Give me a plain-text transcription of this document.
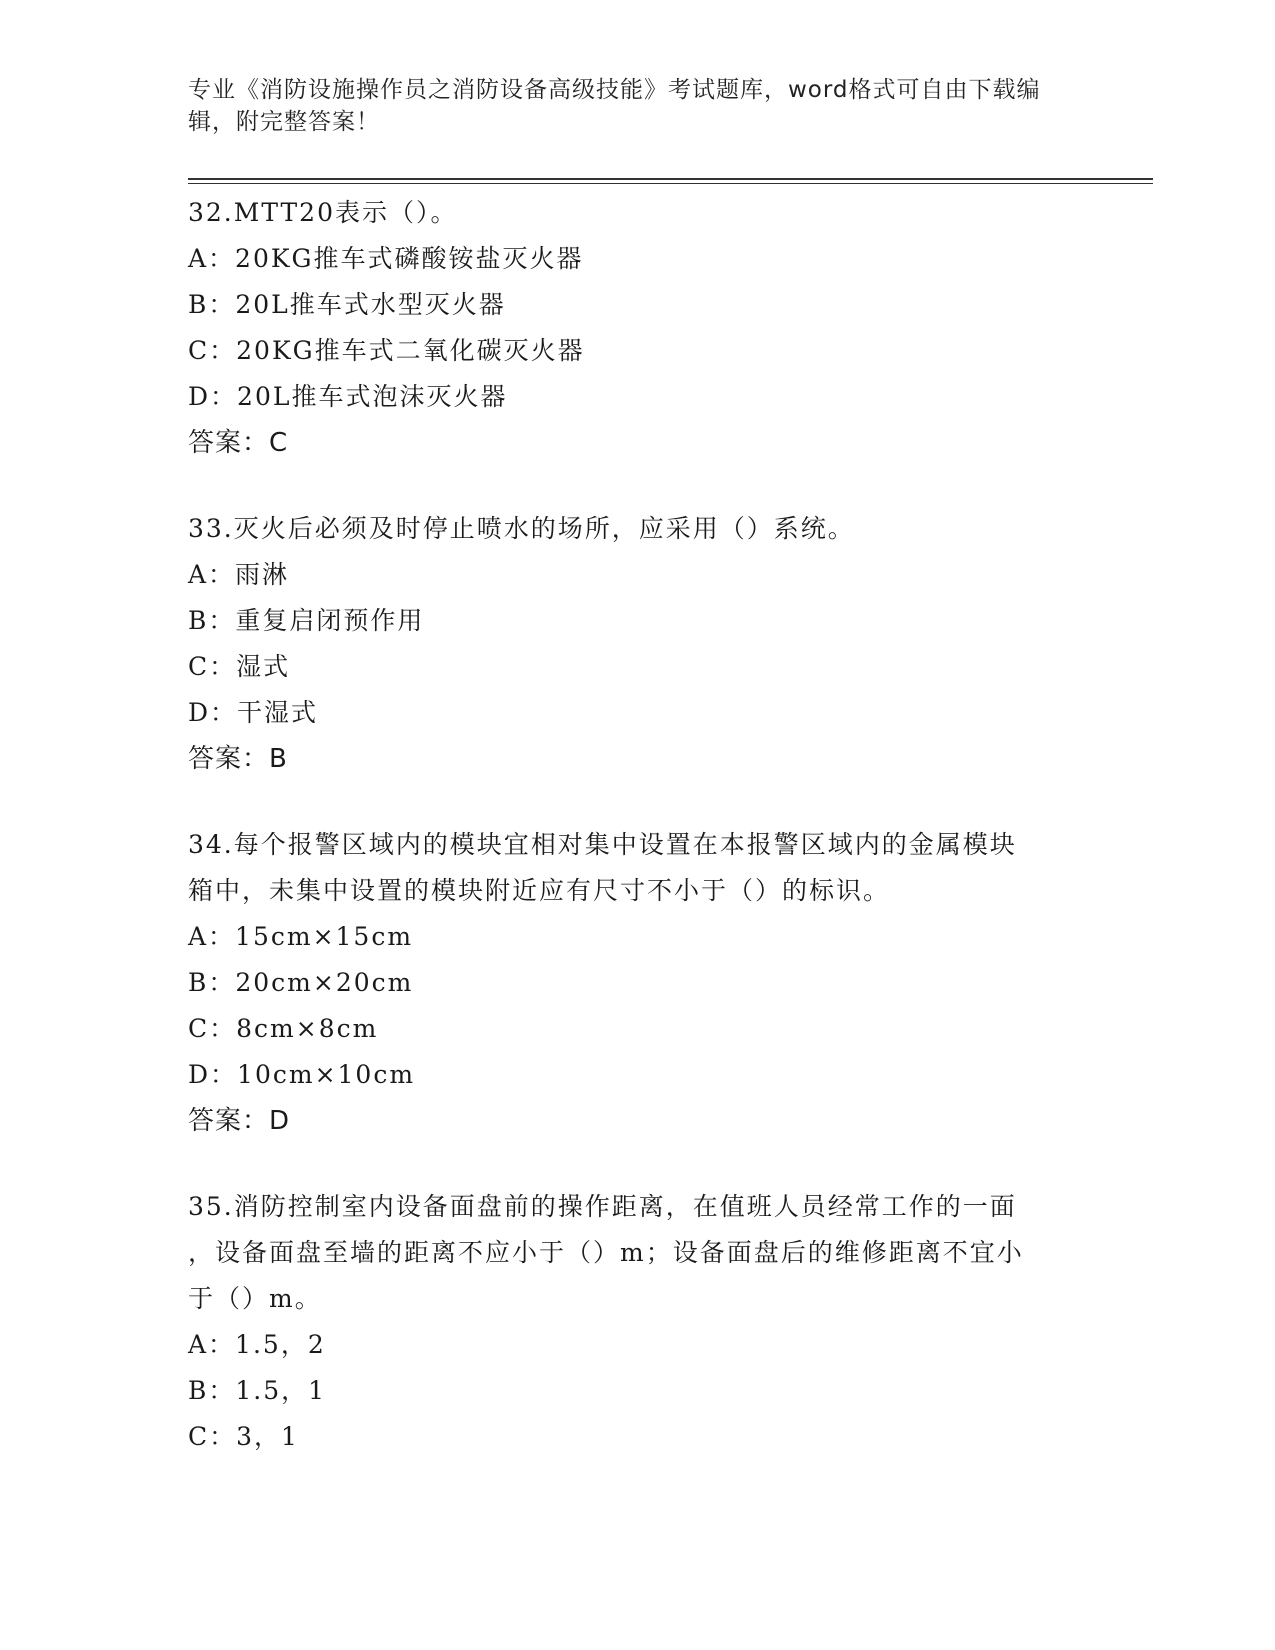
专业《消防设施操作员之消防设备高级技能》考试题库，word格式可自由下载编
辑，附完整答案！

32.MTT20表示（）。

A：20KG推车式磷酸铵盐灭火器

B：20L推车式水型灭火器

C：20KG推车式二氧化碳灭火器

D：20L推车式泡沫灭火器

答案：C

33.灭火后必须及时停止喷水的场所，应采用（）系统。

A：雨淋

B：重复启闭预作用

C：湿式

D：干湿式

答案：B

34.每个报警区域内的模块宜相对集中设置在本报警区域内的金属模块

箱中，未集中设置的模块附近应有尺寸不小于（）的标识。

A：15cm×15cm

B：20cm×20cm

C：8cm×8cm

D：10cm×10cm

答案：D

35.消防控制室内设备面盘前的操作距离，在值班人员经常工作的一面

，设备面盘至墙的距离不应小于（）m；设备面盘后的维修距离不宜小

于（）m。

A：1.5，2

B：1.5，1

C：3，1
